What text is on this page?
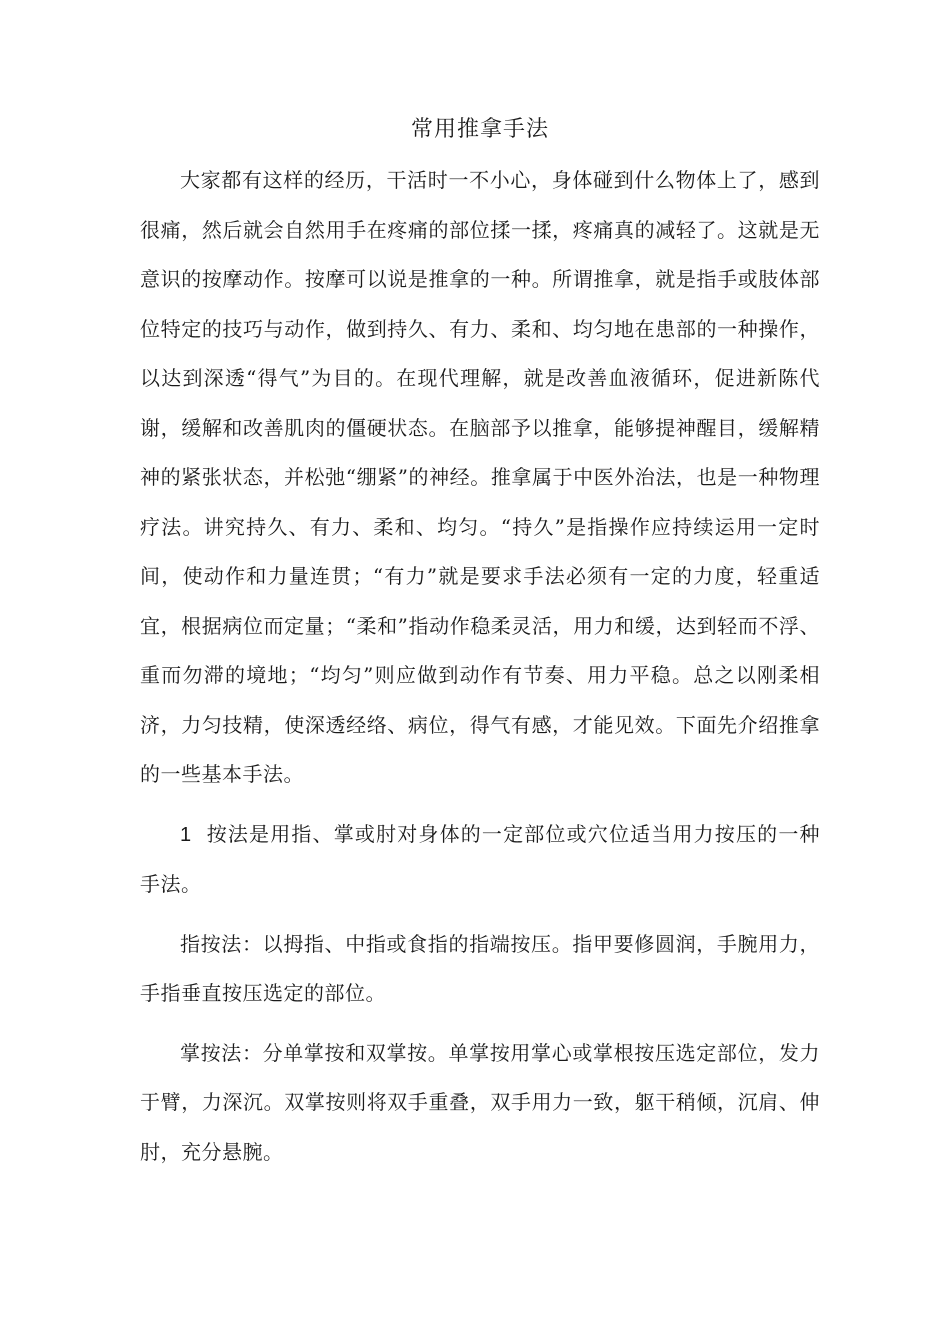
常用推拿手法

大家都有这样的经历，干活时一不小心，身体碰到什么物体上了，感到很痛，然后就会自然用手在疼痛的部位揉一揉，疼痛真的减轻了。这就是无意识的按摩动作。按摩可以说是推拿的一种。所谓推拿，就是指手或肢体部位特定的技巧与动作，做到持久、有力、柔和、均匀地在患部的一种操作，以达到深透“得气”为目的。在现代理解，就是改善血液循环，促进新陈代谢，缓解和改善肌肉的僵硬状态。在脑部予以推拿，能够提神醒目，缓解精神的紧张状态，并松弛“绷紧”的神经。推拿属于中医外治法，也是一种物理疗法。讲究持久、有力、柔和、均匀。“持久”是指操作应持续运用一定时间，使动作和力量连贯；“有力”就是要求手法必须有一定的力度，轻重适宜，根据病位而定量；“柔和”指动作稳柔灵活，用力和缓，达到轻而不浮、重而勿滞的境地；“均匀”则应做到动作有节奏、用力平稳。总之以刚柔相济，力匀技精，使深透经络、病位，得气有感，才能见效。下面先介绍推拿的一些基本手法。

1 按法是用指、掌或肘对身体的一定部位或穴位适当用力按压的一种手法。

指按法：以拇指、中指或食指的指端按压。指甲要修圆润，手腕用力，手指垂直按压选定的部位。

掌按法：分单掌按和双掌按。单掌按用掌心或掌根按压选定部位，发力于臂，力深沉。双掌按则将双手重叠，双手用力一致，躯干稍倾，沉肩、伸肘，充分悬腕。
